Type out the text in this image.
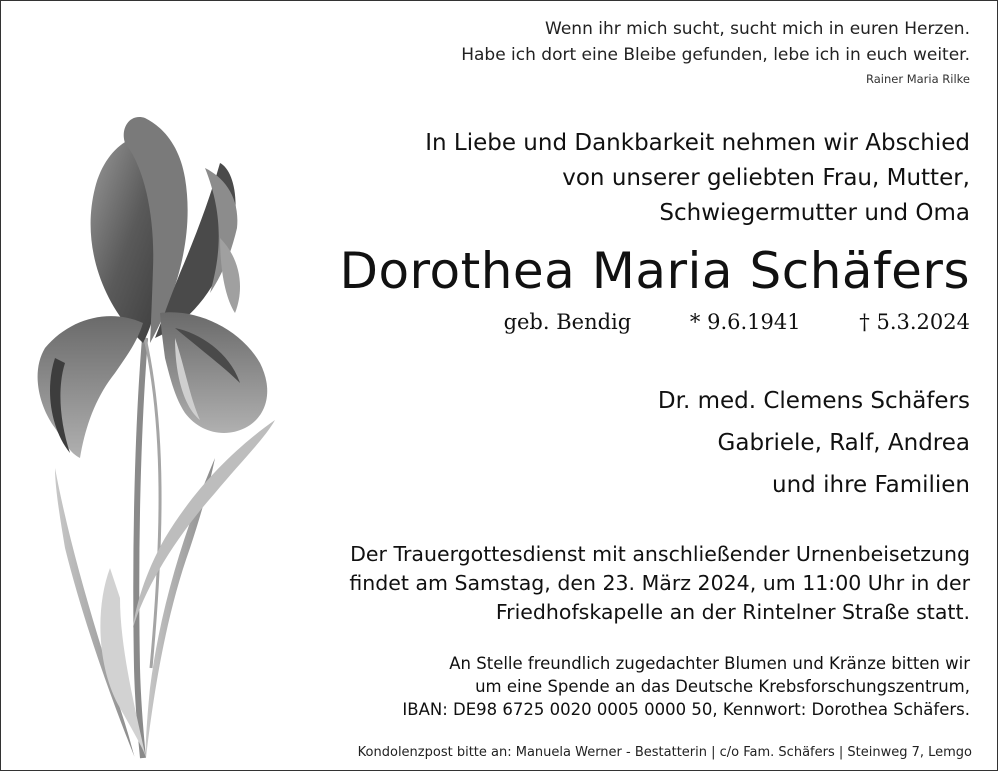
Wenn ihr mich sucht, sucht mich in euren Herzen.
Habe ich dort eine Bleibe gefunden, lebe ich in euch weiter.
Rainer Maria Rilke
In Liebe und Dankbarkeit nehmen wir Abschied
von unserer geliebten Frau, Mutter,
Schwiegermutter und Oma
Dorothea Maria Schäfers
geb. Bendig	* 9.6.1941	† 5.3.2024
Dr. med. Clemens Schäfers
Gabriele, Ralf, Andrea
und ihre Familien
Der Trauergottesdienst mit anschließender Urnenbeisetzung
findet am Samstag, den 23. März 2024, um 11:00 Uhr in der
Friedhofskapelle an der Rintelner Straße statt.
An Stelle freundlich zugedachter Blumen und Kränze bitten wir
um eine Spende an das Deutsche Krebsforschungszentrum,
IBAN: DE98 6725 0020 0005 0000 50, Kennwort: Dorothea Schäfers.
Kondolenzpost bitte an: Manuela Werner - Bestatterin | c/o Fam. Schäfers | Steinweg 7, Lemgo
